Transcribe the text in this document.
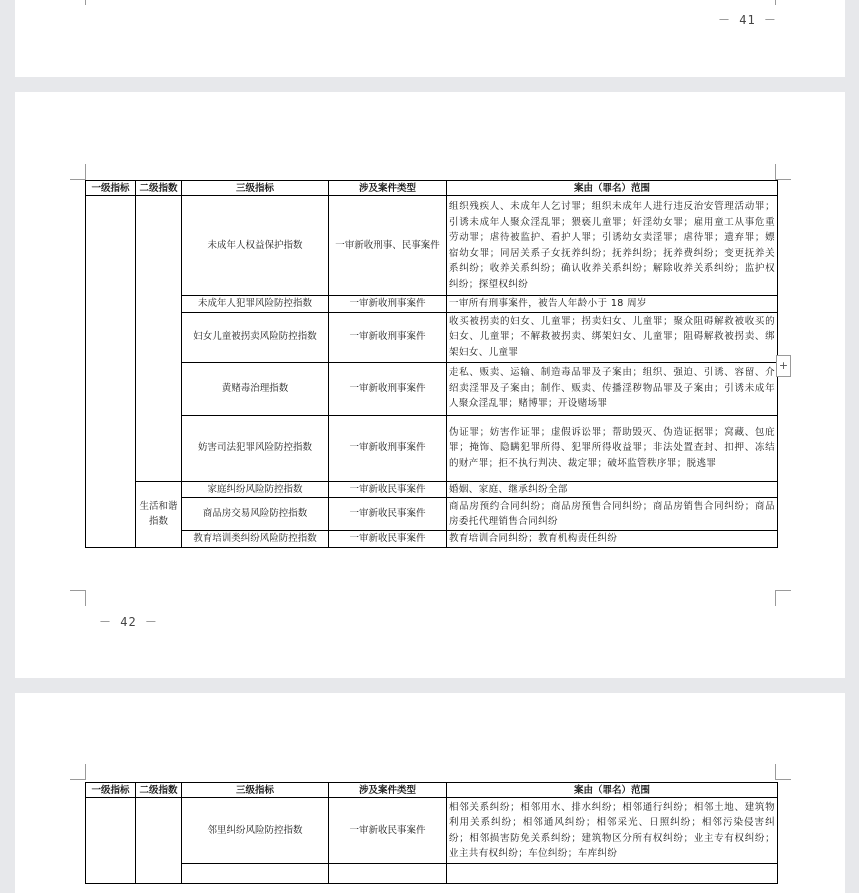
－ 41 －
一级指标	二级指数	三级指标	涉及案件类型	案由（罪名）范围
		未成年人权益保护指数	一审新收刑事、民事案件	组织残疾人、未成年人乞讨罪；组织未成年人进行违反治安管理活动罪；引诱未成年人聚众淫乱罪；猥亵儿童罪；奸淫幼女罪；雇用童工从事危重劳动罪；虐待被监护、看护人罪；引诱幼女卖淫罪；虐待罪；遗弃罪；嫖宿幼女罪；同居关系子女抚养纠纷；抚养纠纷；抚养费纠纷；变更抚养关系纠纷；收养关系纠纷；确认收养关系纠纷；解除收养关系纠纷；监护权纠纷；探望权纠纷
		未成年人犯罪风险防控指数	一审新收刑事案件	一审所有刑事案件，被告人年龄小于 18 周岁
		妇女儿童被拐卖风险防控指数	一审新收刑事案件	收买被拐卖的妇女、儿童罪；拐卖妇女、儿童罪；聚众阻碍解救被收买的妇女、儿童罪；不解救被拐卖、绑架妇女、儿童罪；阻碍解救被拐卖、绑架妇女、儿童罪
		黄赌毒治理指数	一审新收刑事案件	走私、贩卖、运输、制造毒品罪及子案由；组织、强迫、引诱、容留、介绍卖淫罪及子案由；制作、贩卖、传播淫秽物品罪及子案由；引诱未成年人聚众淫乱罪；赌博罪；开设赌场罪
		妨害司法犯罪风险防控指数	一审新收刑事案件	伪证罪；妨害作证罪；虚假诉讼罪；帮助毁灭、伪造证据罪；窝藏、包庇罪；掩饰、隐瞒犯罪所得、犯罪所得收益罪；非法处置查封、扣押、冻结的财产罪；拒不执行判决、裁定罪；破坏监管秩序罪；脱逃罪
	生活和谐指数	家庭纠纷风险防控指数	一审新收民事案件	婚姻、家庭、继承纠纷全部
		商品房交易风险防控指数	一审新收民事案件	商品房预约合同纠纷；商品房预售合同纠纷；商品房销售合同纠纷；商品房委托代理销售合同纠纷
		教育培训类纠纷风险防控指数	一审新收民事案件	教育培训合同纠纷；教育机构责任纠纷
－ 42 －
+
一级指标	二级指数	三级指标	涉及案件类型	案由（罪名）范围
		邻里纠纷风险防控指数	一审新收民事案件	相邻关系纠纷；相邻用水、排水纠纷；相邻通行纠纷；相邻土地、建筑物利用关系纠纷；相邻通风纠纷；相邻采光、日照纠纷；相邻污染侵害纠纷；相邻损害防免关系纠纷；建筑物区分所有权纠纷；业主专有权纠纷；业主共有权纠纷；车位纠纷；车库纠纷
